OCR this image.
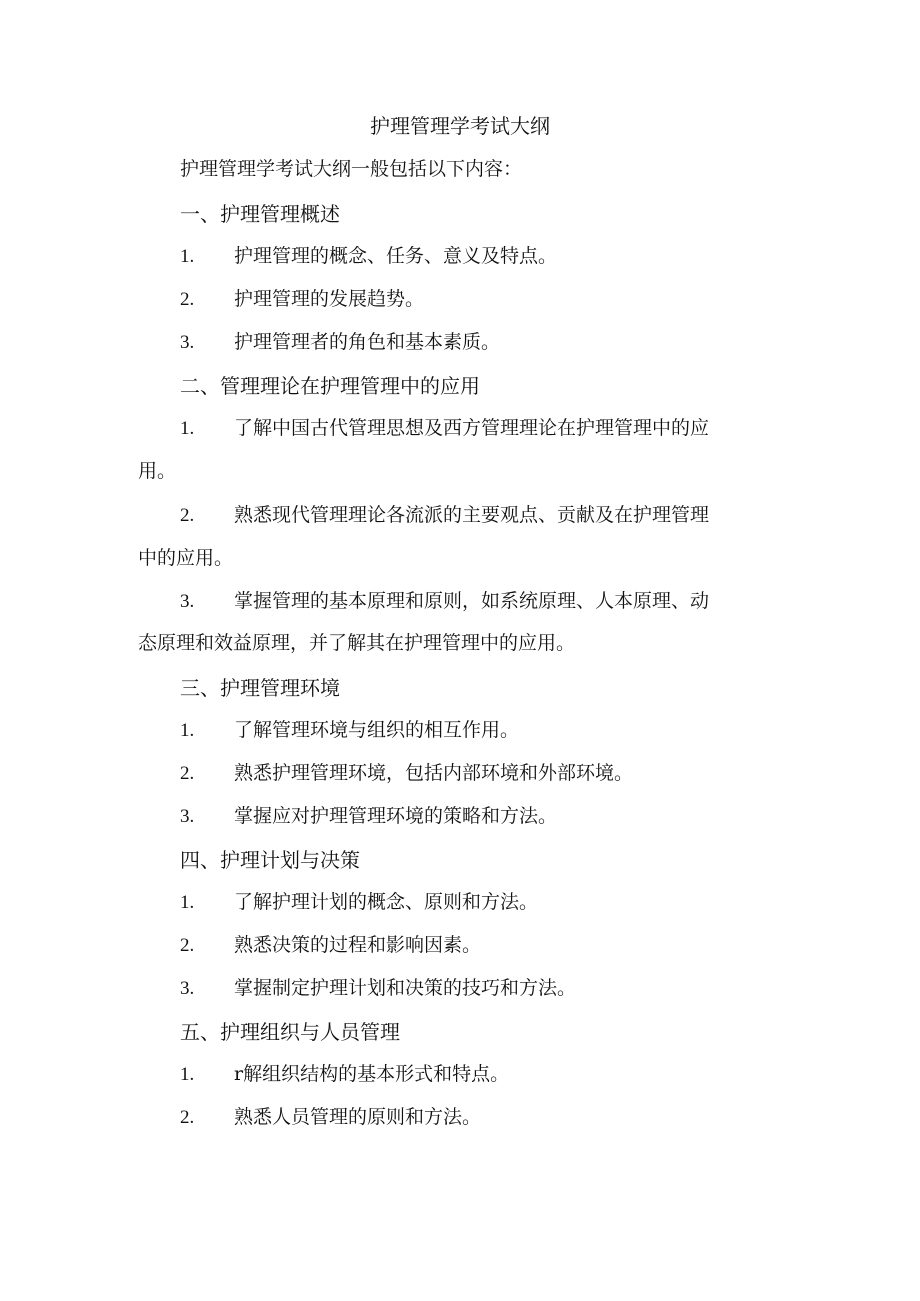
护理管理学考试大纲
护理管理学考试大纲一般包括以下内容：
一、护理管理概述
1. 护理管理的概念、任务、意义及特点。
2. 护理管理的发展趋势。
3. 护理管理者的角色和基本素质。
二、管理理论在护理管理中的应用
1. 了解中国古代管理思想及西方管理理论在护理管理中的应
用。
2. 熟悉现代管理理论各流派的主要观点、贡献及在护理管理
中的应用。
3. 掌握管理的基本原理和原则，如系统原理、人本原理、动
态原理和效益原理，并了解其在护理管理中的应用。
三、护理管理环境
1. 了解管理环境与组织的相互作用。
2. 熟悉护理管理环境，包括内部环境和外部环境。
3. 掌握应对护理管理环境的策略和方法。
四、护理计划与决策
1. 了解护理计划的概念、原则和方法。
2. 熟悉决策的过程和影响因素。
3. 掌握制定护理计划和决策的技巧和方法。
五、护理组织与人员管理
1. r解组织结构的基本形式和特点。
2. 熟悉人员管理的原则和方法。
